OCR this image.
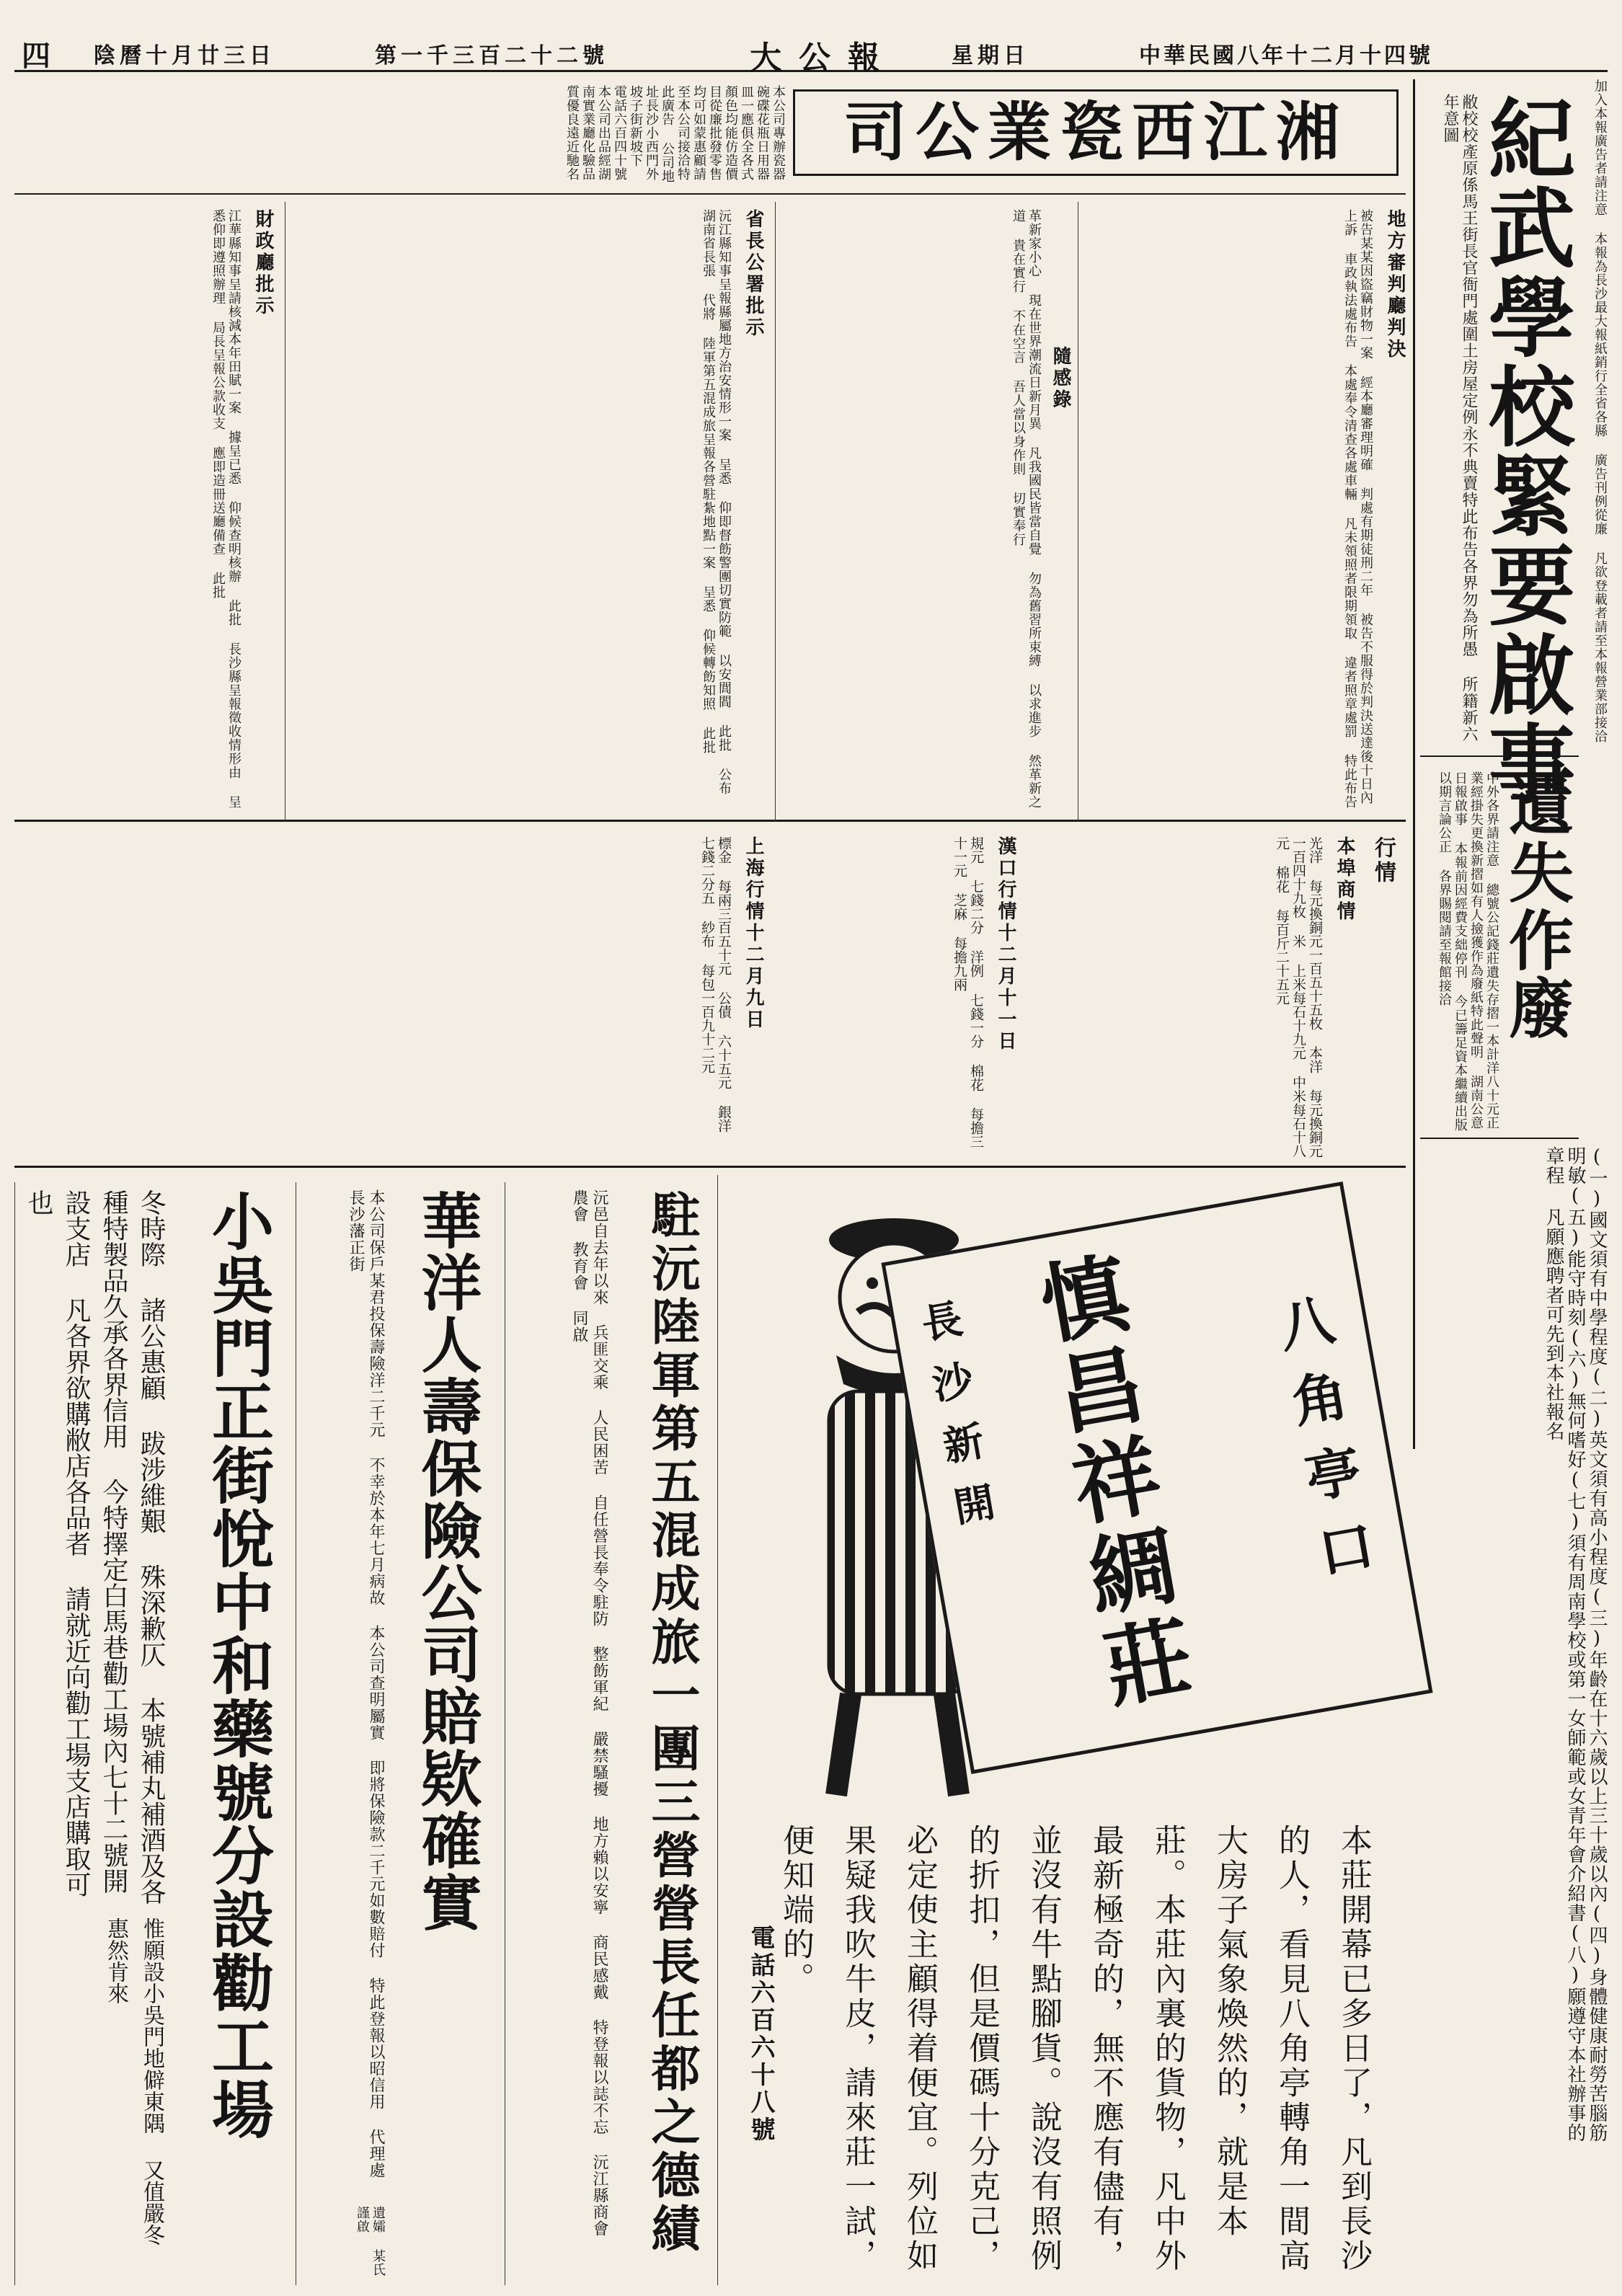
四 陰曆十月廿三日	第一千三百二十二號	大公報	星期日	中華民國八年十二月十四號
本公司專辦瓷器碗碟花瓶日用器皿一應俱全各式顏色均能仿造價目從廉批發零售均可如蒙惠顧請至本公司接洽特此廣告 公司地址長沙小西門外坡子街新坡下 電話六百四十號 本公司出品經湖南實業廳化驗品質優良遠近馳名	湘江西瓷業公司	加入本報廣告者請注意 本報為長沙最大報紙銷行全省各縣 廣告刊例從廉 凡欲登載者請至本報營業部接洽
紀武學校緊要啟事
敝校校產原係馬王街長官衙門處圍土房屋定例永不典賣特此布告各界勿為所愚 所籍新六年意圖
遺失作廢
中外各界請注意 總號公記錢莊遺失存摺一本計洋八十元正 業經掛失更換新摺如有人撿獲作為廢紙特此聲明 湖南公意日報啟事 本報前因經費支絀停刊 今已籌足資本繼續出版 以期言論公正 各界賜閱請至報館接洽
(一)國文須有中學程度(二)英文須有高小程度(三)年齡在十六歲以上三十歲以內(四)身體健康耐勞苦腦筋明敏(五)能守時刻(六)無何嗜好(七)須有周南學校或第一女師範或女青年會介紹書(八)願遵守本社辦事的章程 凡願應聘者可先到本社報名
地方審判廳判決
被告某某因盜竊財物一案 經本廳審理明確 判處有期徒刑二年 被告不服得於判決送達後十日內上訴 車政執法處布告 本處奉令清查各處車輛 凡未領照者限期領取 違者照章處罰 特此布告
隨感錄
革新家小心 現在世界潮流日新月異 凡我國民皆當自覺 勿為舊習所束縛 以求進步 然革新之道 貴在實行 不在空言 吾人當以身作則 切實奉行
省長公署批示
沅江縣知事呈報縣屬地方治安情形一案 呈悉 仰即督飭警團切實防範 以安閭閻 此批 公布 湖南省長張 代將 陸軍第五混成旅呈報各營駐紮地點一案 呈悉 仰候轉飭知照 此批
財政廳批示
江華縣知事呈請核減本年田賦一案 據呈已悉 仰候查明核辦 此批 長沙縣呈報徵收情形由 呈悉仰即遵照辦理 局長呈報公款收支 應即造冊送廳備查 此批
行情
本埠商情
光洋 每元換銅元一百五十五枚 本洋 每元換銅元一百四十九枚 米 上米每石十九元 中米每石十八元 棉花 每百斤二十五元
漢口行情十二月十一日
規元 七錢二分 洋例 七錢一分 棉花 每擔三十一元 芝麻 每擔九兩
上海行情十二月九日
標金 每兩三百五十元 公債 六十五元 銀洋 七錢二分五 紗布 每包一百九十二元
長沙新開 慎昌祥綢莊 八角亭口
本莊開幕已多日了，凡到長沙的人，看見八角亭轉角一間高大房子氣象煥然的，就是本莊。本莊內裏的貨物，凡中外最新極奇的，無不應有儘有，並沒有牛點腳貨。說沒有照例的折扣，但是價碼十分克己，必定使主顧得着便宜。列位如果疑我吹牛皮，請來莊一試，便知端的。
電話六百六十八號
駐沅陸軍第五混成旅一團三營營長任都之德績
沅邑自去年以來 兵匪交乘 人民困苦 自任營長奉令駐防 整飭軍紀 嚴禁騷擾 地方賴以安寧 商民感戴 特登報以誌不忘 沅江縣商會 農會 教育會 同啟
華洋人壽保險公司賠欵確實
本公司保戶某君投保壽險洋二千元 不幸於本年七月病故 本公司查明屬實 即將保險款二千元如數賠付 特此登報以昭信用 代理處 長沙藩正街
遺孀 某氏 謹啟
小吳門正街悅中和藥號分設勸工場
冬時際 諸公惠顧 跋涉維艱 殊深歉仄 本號補丸補酒及各種特製品久承各界信用 今特擇定白馬巷勸工場內七十二號開設支店 凡各界欲購敝店各品者 請就近向勸工場支店購取可也
惟願設小吳門地僻東隅 又值嚴冬 惠然肯來
